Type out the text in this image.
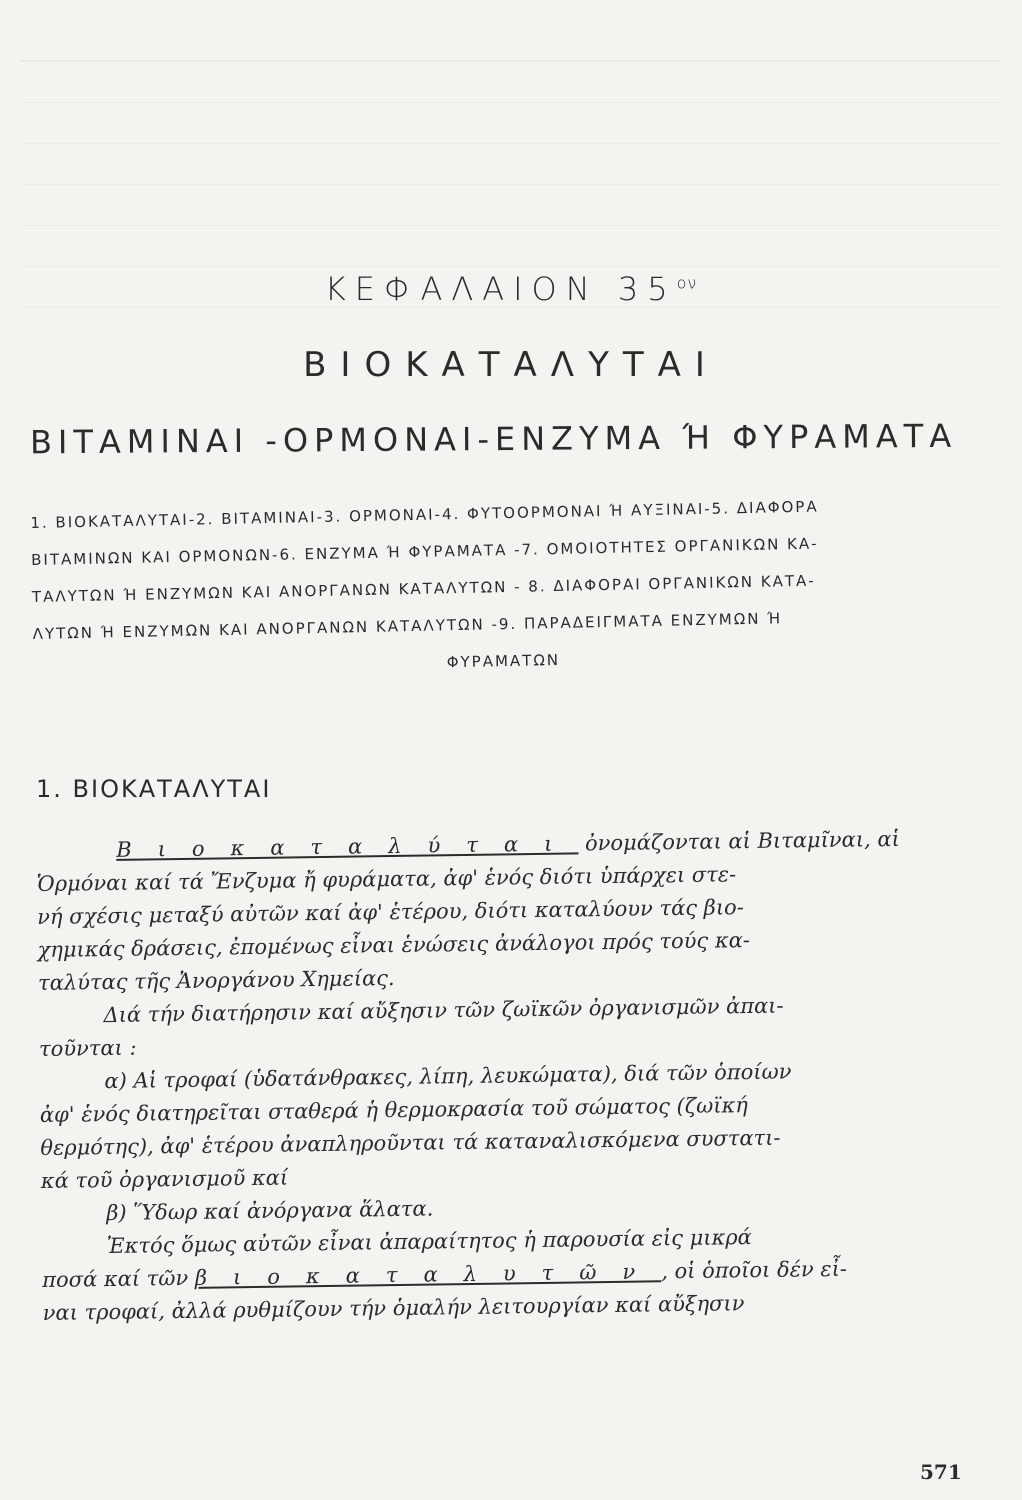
ΚΕΦΑΛΑΙΟΝ $35^{o\nu}$
ΒΙΟΚΑΤΑΛΥΤΑΙ
ΒΙΤΑΜΙΝΑΙ -ΟΡΜΟΝΑΙ-ΕΝΖΥΜΑ Ή ΦΥΡΑΜΑΤΑ
1. ΒΙΟΚΑΤΑΛΥΤΑΙ-2. ΒΙΤΑΜΙΝΑΙ-3. ΟΡΜΟΝΑΙ-4. ΦΥΤΟΟΡΜΟΝΑΙ Ή ΑΥΞΙΝΑΙ-5. ΔΙΑΦΟΡΑ
ΒΙΤΑΜΙΝΩΝ ΚΑΙ ΟΡΜΟΝΩΝ-6. ΕΝΖΥΜΑ Ή ΦΥΡΑΜΑΤΑ -7. ΟΜΟΙΟΤΗΤΕΣ ΟΡΓΑΝΙΚΩΝ ΚΑ-
ΤΑΛΥΤΩΝ Ή ΕΝΖΥΜΩΝ ΚΑΙ ΑΝΟΡΓΑΝΩΝ ΚΑΤΑΛΥΤΩΝ - 8. ΔΙΑΦΟΡΑΙ ΟΡΓΑΝΙΚΩΝ ΚΑΤΑ-
ΛΥΤΩΝ Ή ΕΝΖΥΜΩΝ ΚΑΙ ΑΝΟΡΓΑΝΩΝ ΚΑΤΑΛΥΤΩΝ -9. ΠΑΡΑΔΕΙΓΜΑΤΑ ΕΝΖΥΜΩΝ Ή
ΦΥΡΑΜΑΤΩΝ
1. ΒΙΟΚΑΤΑΛΥΤΑΙ

Βιοκαταλύται ὀνομάζονται αἱ Βιταμῖναι, αἱ

Ὁρμόναι καί τά Ἔνζυμα ἤ φυράματα, ἀφ' ἑνός διότι ὑπάρχει στε-

νή σχέσις μεταξύ αὐτῶν καί ἀφ' ἑτέρου, διότι καταλύουν τάς βιο-

χημικάς δράσεις, ἐπομένως εἶναι ἑνώσεις ἀνάλογοι πρός τούς κα-

ταλύτας τῆς Ἀνοργάνου Χημείας.

Διά τήν διατήρησιν καί αὔξησιν τῶν ζωϊκῶν ὀργανισμῶν ἀπαι-

τοῦνται :

α) Αἱ τροφαί (ὑδατάνθρακες, λίπη, λευκώματα), διά τῶν ὁποίων

ἀφ' ἑνός διατηρεῖται σταθερά ἡ θερμοκρασία τοῦ σώματος (ζωϊκή

θερμότης), ἀφ' ἑτέρου ἀναπληροῦνται τά καταναλισκόμενα συστατι-

κά τοῦ ὀργανισμοῦ καί

β) Ὕδωρ καί ἀνόργανα ἅλατα.

Ἐκτός ὅμως αὐτῶν εἶναι ἀπαραίτητος ἡ παρουσία εἰς μικρά

ποσά καί τῶν βιοκαταλυτῶν, οἱ ὁποῖοι δέν εἶ-

ναι τροφαί, ἀλλά ρυθμίζουν τήν ὁμαλήν λειτουργίαν καί αὔξησιν

571
